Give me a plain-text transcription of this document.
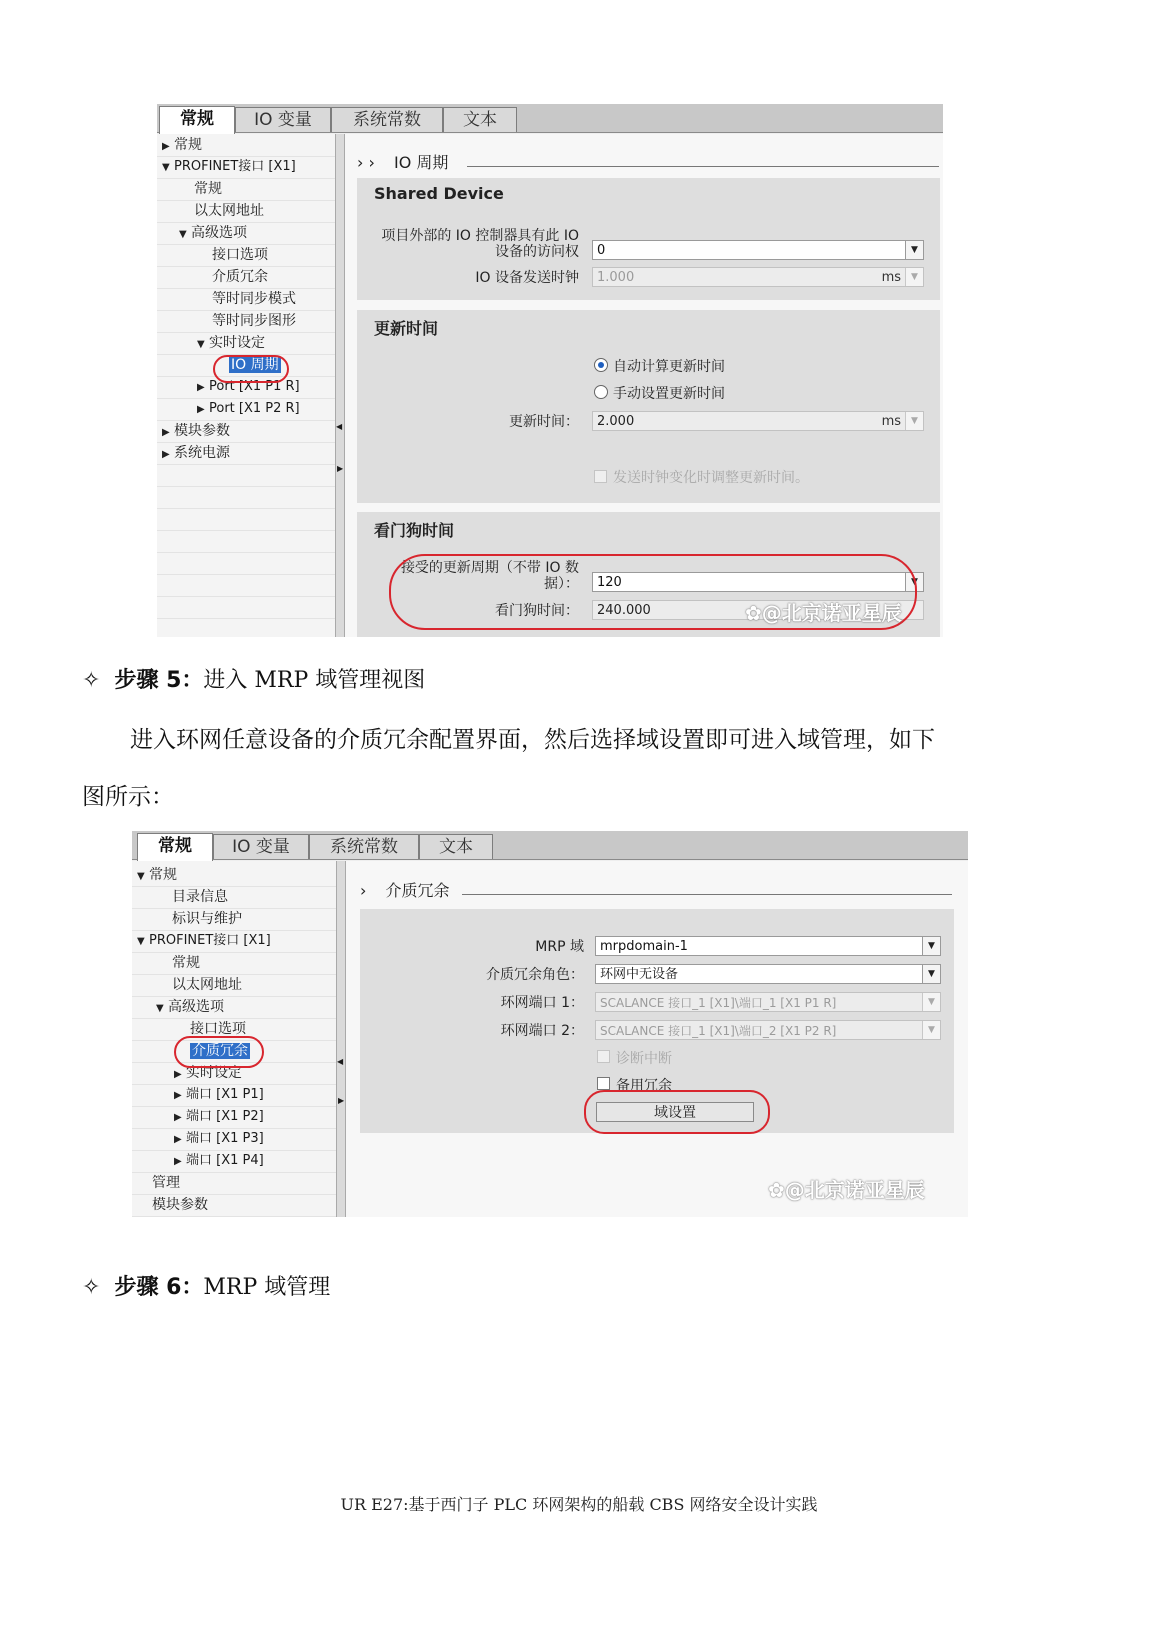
常规	IO 变量	系统常数	文本
▶ 常规
▼ PROFINET接口 [X1]
常规
以太网地址
▼ 高级选项
接口选项
介质冗余
等时同步模式
等时同步图形
▼ 实时设定
IO 周期
▶ Port [X1 P1 R]
▶ Port [X1 P2 R]
▶ 模块参数
▶ 系统电源
◀
▶
› › IO 周期
Shared Device
项目外部的 IO 控制器具有此 IO
设备的访问权	0	▼
IO 设备发送时钟	1.000	ms	▼
更新时间
自动计算更新时间
手动设置更新时间
更新时间：	2.000	ms	▼
发送时钟变化时调整更新时间。
看门狗时间
接受的更新周期（不带 IO 数
据）：	120	▼
看门狗时间：	240.000	✿@北京诺亚星辰
✧ 步骤 5：进入 MRP 域管理视图
进入环网任意设备的介质冗余配置界面，然后选择域设置即可进入域管理，如下
图所示：
常规	IO 变量	系统常数	文本
▼ 常规
目录信息
标识与维护
▼ PROFINET接口 [X1]
常规
以太网地址
▼ 高级选项
接口选项
介质冗余
▶ 实时设定
▶ 端口 [X1 P1]
▶ 端口 [X1 P2]
▶ 端口 [X1 P3]
▶ 端口 [X1 P4]
管理
模块参数
◀
▶
› 介质冗余
MRP 域	mrpdomain-1	▼
介质冗余角色：	环网中无设备	▼
环网端口 1：	SCALANCE 接口_1 [X1]\端口_1 [X1 P1 R]	▼
环网端口 2：	SCALANCE 接口_1 [X1]\端口_2 [X1 P2 R]	▼
诊断中断
备用冗余
域设置
✿@北京诺亚星辰
✧ 步骤 6：MRP 域管理
UR E27:基于西门子 PLC 环网架构的船载 CBS 网络安全设计实践
